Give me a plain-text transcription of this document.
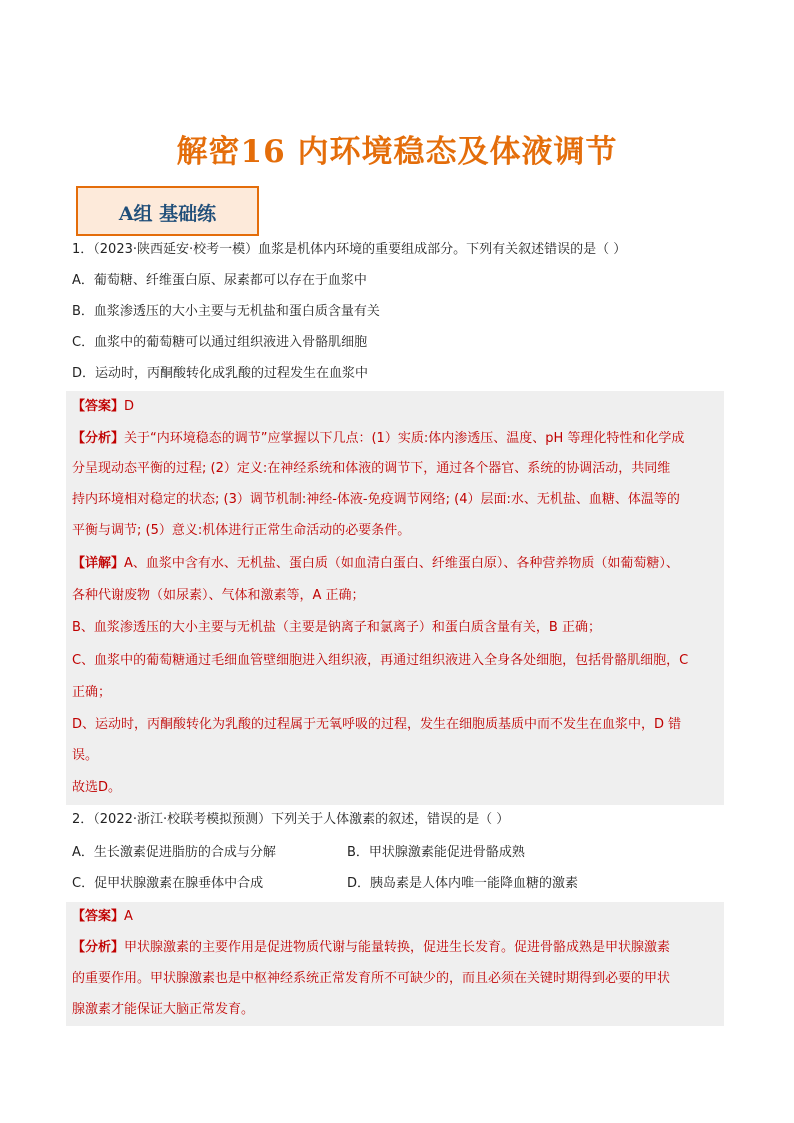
解密16 内环境稳态及体液调节
A组 基础练
1．（2023·陕西延安·校考一模）血浆是机体内环境的重要组成部分。下列有关叙述错误的是（ ）
A．葡萄糖、纤维蛋白原、尿素都可以存在于血浆中
B．血浆渗透压的大小主要与无机盐和蛋白质含量有关
C．血浆中的葡萄糖可以通过组织液进入骨骼肌细胞
D．运动时，丙酮酸转化成乳酸的过程发生在血浆中
【答案】D
【分析】关于“内环境稳态的调节”应掌握以下几点：(1）实质:体内渗透压、温度、pH 等理化特性和化学成
分呈现动态平衡的过程; (2）定义:在神经系统和体液的调节下，通过各个器官、系统的协调活动，共同维
持内环境相对稳定的状态; (3）调节机制:神经-体液-免疫调节网络; (4）层面:水、无机盐、血糖、体温等的
平衡与调节; (5）意义:机体进行正常生命活动的必要条件。
【详解】A、血浆中含有水、无机盐、蛋白质（如血清白蛋白、纤维蛋白原）、各种营养物质（如葡萄糖）、
各种代谢废物（如尿素）、气体和激素等，A 正确；
B、血浆渗透压的大小主要与无机盐（主要是钠离子和氯离子）和蛋白质含量有关，B 正确；
C、血浆中的葡萄糖通过毛细血管壁细胞进入组织液，再通过组织液进入全身各处细胞，包括骨骼肌细胞，C
正确；
D、运动时，丙酮酸转化为乳酸的过程属于无氧呼吸的过程，发生在细胞质基质中而不发生在血浆中，D 错
误。
故选D。
2．（2022·浙江·校联考模拟预测）下列关于人体激素的叙述，错误的是（ ）
A．生长激素促进脂肪的合成与分解	B．甲状腺激素能促进骨骼成熟
C．促甲状腺激素在腺垂体中合成	D．胰岛素是人体内唯一能降血糖的激素
【答案】A
【分析】甲状腺激素的主要作用是促进物质代谢与能量转换，促进生长发育。促进骨骼成熟是甲状腺激素
的重要作用。甲状腺激素也是中枢神经系统正常发育所不可缺少的，而且必须在关键时期得到必要的甲状
腺激素才能保证大脑正常发育。
